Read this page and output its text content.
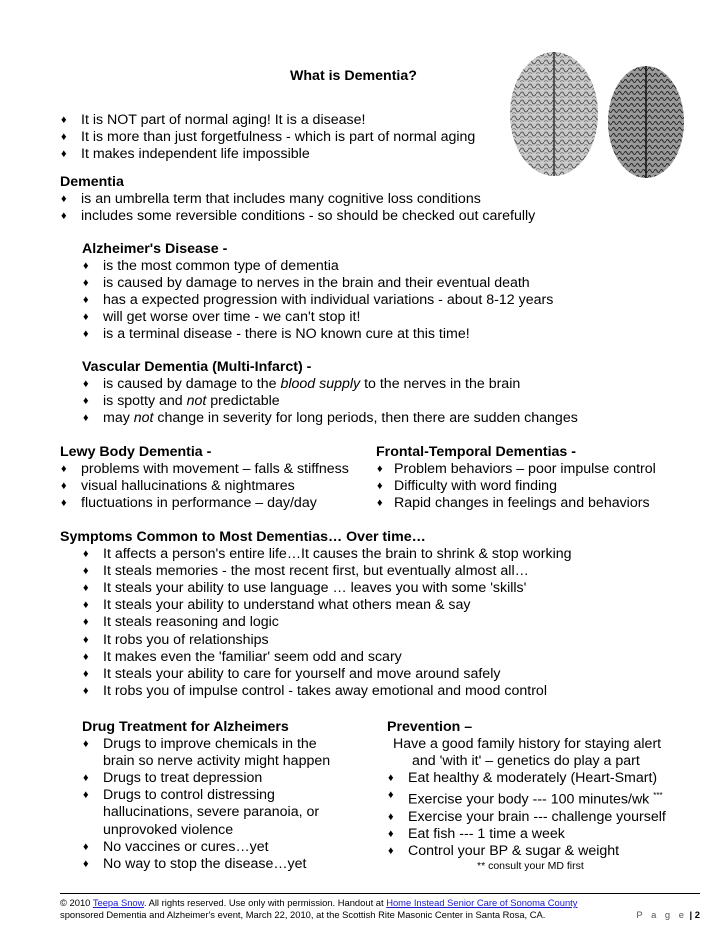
What is Dementia?
♦ It is NOT part of normal aging! It is a disease!
♦ It is more than just forgetfulness - which is part of normal aging
♦ It makes independent life impossible
Dementia
♦ is an umbrella term that includes many cognitive loss conditions
♦ includes some reversible conditions - so should be checked out carefully
Alzheimer's Disease -
♦ is the most common type of dementia
♦ is caused by damage to nerves in the brain and their eventual death
♦ has a expected progression with individual variations - about 8-12 years
♦ will get worse over time - we can't stop it!
♦ is a terminal disease - there is NO known cure at this time!
Vascular Dementia (Multi-Infarct) -
♦ is caused by damage to the blood supply to the nerves in the brain
♦ is spotty and not predictable
♦ may not change in severity for long periods, then there are sudden changes
Lewy Body Dementia -
♦ problems with movement – falls & stiffness
♦ visual hallucinations & nightmares
♦ fluctuations in performance – day/day
Frontal-Temporal Dementias -
♦ Problem behaviors – poor impulse control
♦ Difficulty with word finding
♦ Rapid changes in feelings and behaviors
Symptoms Common to Most Dementias… Over time…
♦ It affects a person's entire life…It causes the brain to shrink & stop working
♦ It steals memories - the most recent first, but eventually almost all…
♦ It steals your ability to use language … leaves you with some 'skills'
♦ It steals your ability to understand what others mean & say
♦ It steals reasoning and logic
♦ It robs you of relationships
♦ It makes even the 'familiar' seem odd and scary
♦ It steals your ability to care for yourself and move around safely
♦ It robs you of impulse control - takes away emotional and mood control
Drug Treatment for Alzheimers
♦ Drugs to improve chemicals in the brain so nerve activity might happen
♦ Drugs to treat depression
♦ Drugs to control distressing hallucinations, severe paranoia, or unprovoked violence
♦ No vaccines or cures…yet
♦ No way to stop the disease…yet
Prevention –
Have a good family history for staying alert
and 'with it' – genetics do play a part
♦ Eat healthy & moderately (Heart-Smart)
♦ Exercise your body --- 100 minutes/wk ***
♦ Exercise your brain --- challenge yourself
♦ Eat fish --- 1 time a week
♦ Control your BP & sugar & weight
** consult your MD first
© 2010 Teepa Snow. All rights reserved. Use only with permission. Handout at Home Instead Senior Care of Sonoma County
sponsored Dementia and Alzheimer's event, March 22, 2010, at the Scottish Rite Masonic Center in Santa Rosa, CA.	P a g e | 2
